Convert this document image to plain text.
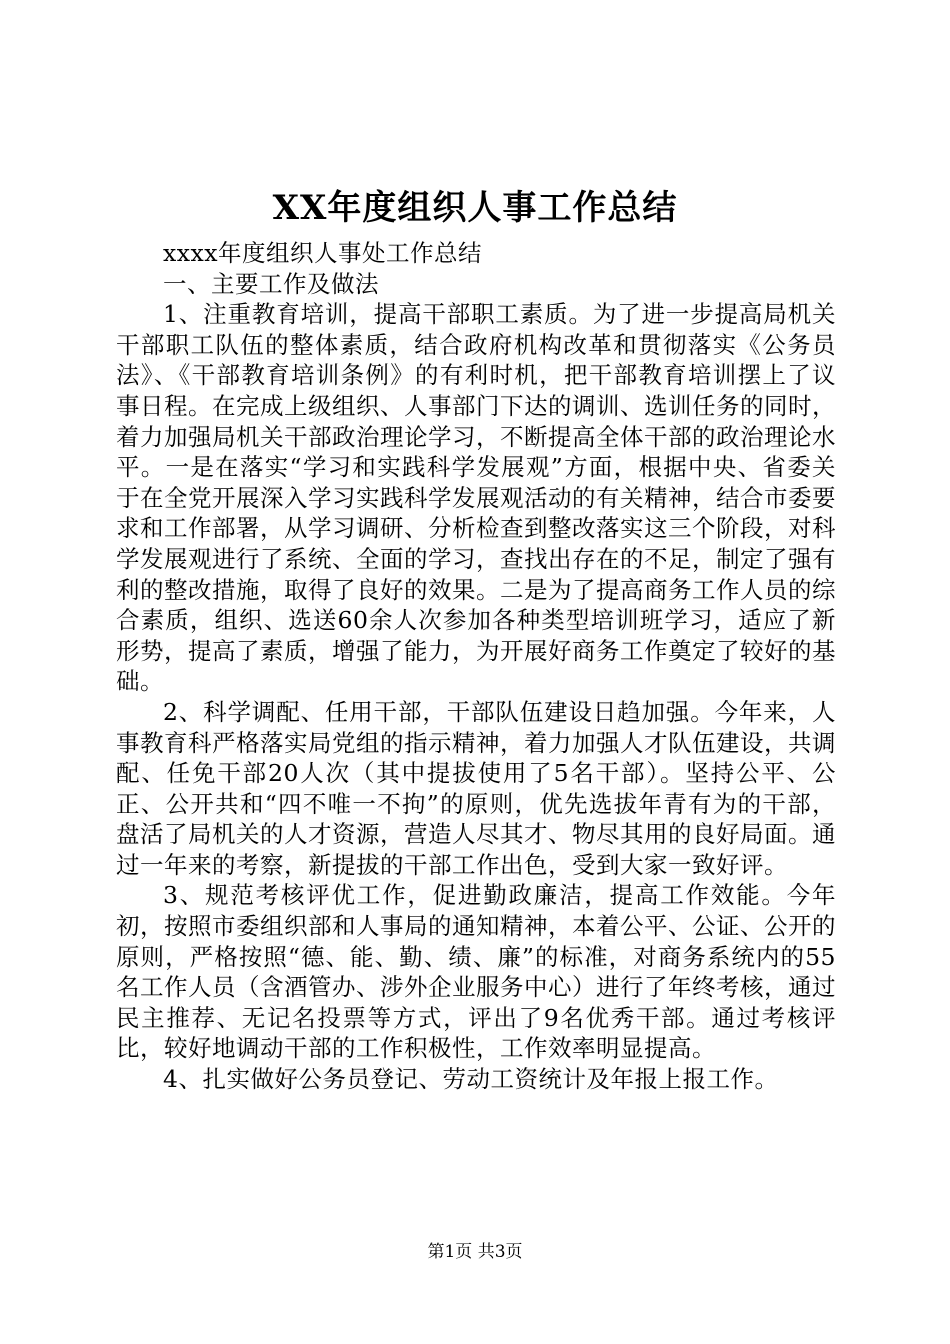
XX年度组织人事工作总结

xxxx年度组织人事处工作总结

一、主要工作及做法

1、注重教育培训，提高干部职工素质。为了进一步提高局机关干部职工队伍的整体素质，结合政府机构改革和贯彻落实《公务员法》、《干部教育培训条例》的有利时机，把干部教育培训摆上了议事日程。在完成上级组织、人事部门下达的调训、选训任务的同时，着力加强局机关干部政治理论学习，不断提高全体干部的政治理论水平。一是在落实“学习和实践科学发展观”方面，根据中央、省委关于在全党开展深入学习实践科学发展观活动的有关精神，结合市委要求和工作部署，从学习调研、分析检查到整改落实这三个阶段，对科学发展观进行了系统、全面的学习，查找出存在的不足，制定了强有利的整改措施，取得了良好的效果。二是为了提高商务工作人员的综合素质，组织、选送60余人次参加各种类型培训班学习，适应了新形势，提高了素质，增强了能力，为开展好商务工作奠定了较好的基础。

2、科学调配、任用干部，干部队伍建设日趋加强。今年来，人事教育科严格落实局党组的指示精神，着力加强人才队伍建设，共调配、任免干部20人次（其中提拔使用了5名干部）。坚持公平、公正、公开共和“四不唯一不拘”的原则，优先选拔年青有为的干部，盘活了局机关的人才资源，营造人尽其才、物尽其用的良好局面。通过一年来的考察，新提拔的干部工作出色，受到大家一致好评。

3、规范考核评优工作，促进勤政廉洁，提高工作效能。今年初，按照市委组织部和人事局的通知精神，本着公平、公证、公开的原则，严格按照“德、能、勤、绩、廉”的标准，对商务系统内的55名工作人员（含酒管办、涉外企业服务中心）进行了年终考核，通过民主推荐、无记名投票等方式，评出了9名优秀干部。通过考核评比，较好地调动干部的工作积极性，工作效率明显提高。

4、扎实做好公务员登记、劳动工资统计及年报上报工作。

第1页 共3页
